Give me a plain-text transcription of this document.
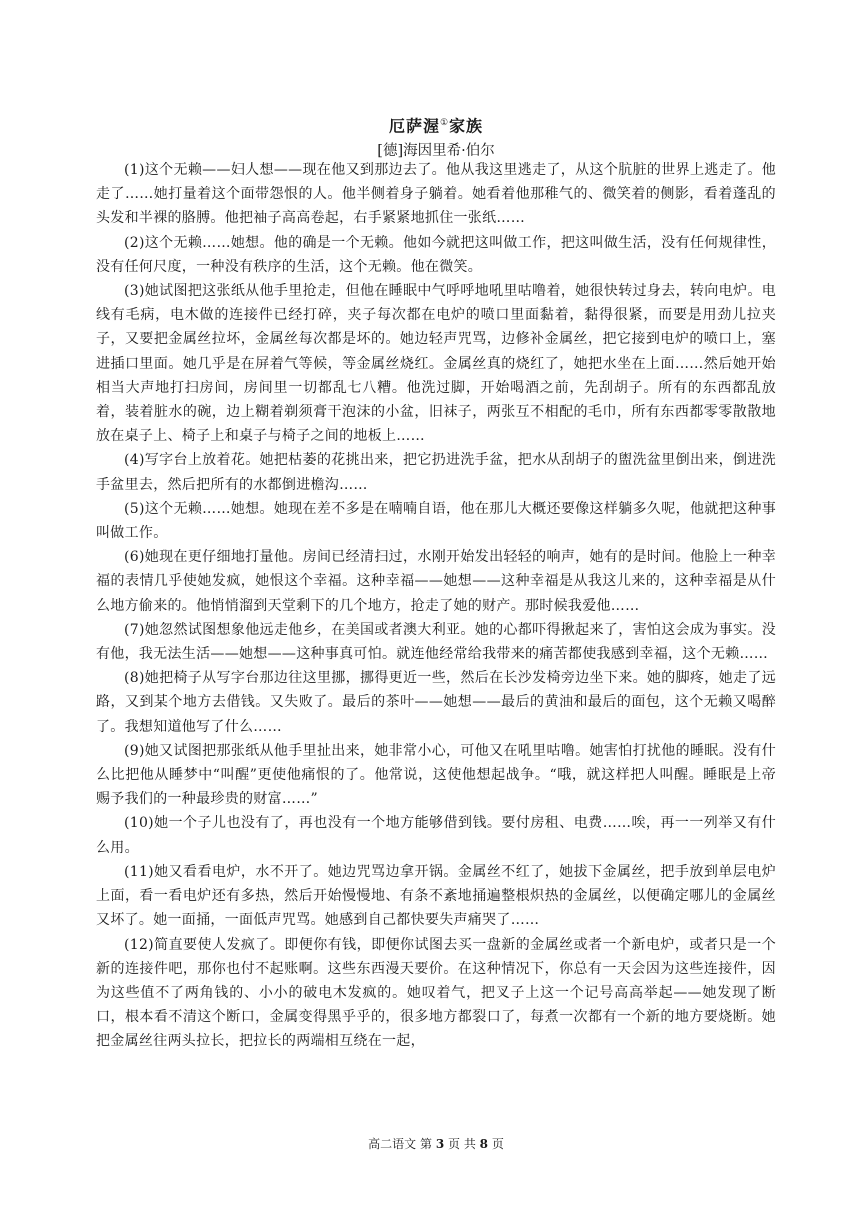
厄萨渥①家族

[德]海因里希·伯尔

(1)这个无赖——妇人想——现在他又到那边去了。他从我这里逃走了，从这个肮脏的世界上逃走了。他走了……她打量着这个面带怨恨的人。他半侧着身子躺着。她看着他那稚气的、微笑着的侧影，看着蓬乱的头发和半裸的胳膊。他把袖子高高卷起，右手紧紧地抓住一张纸……

(2)这个无赖……她想。他的确是一个无赖。他如今就把这叫做工作，把这叫做生活，没有任何规律性，没有任何尺度，一种没有秩序的生活，这个无赖。他在微笑。

(3)她试图把这张纸从他手里抢走，但他在睡眠中气呼呼地吼里咕噜着，她很快转过身去，转向电炉。电线有毛病，电木做的连接件已经打碎，夹子每次都在电炉的喷口里面黏着，黏得很紧，而要是用劲儿拉夹子，又要把金属丝拉坏，金属丝每次都是坏的。她边轻声咒骂，边修补金属丝，把它接到电炉的喷口上，塞进插口里面。她几乎是在屏着气等候，等金属丝烧红。金属丝真的烧红了，她把水坐在上面……然后她开始相当大声地打扫房间，房间里一切都乱七八糟。他洗过脚，开始喝酒之前，先刮胡子。所有的东西都乱放着，装着脏水的碗，边上糊着剃须膏干泡沫的小盆，旧袜子，两张互不相配的毛巾，所有东西都零零散散地放在桌子上、椅子上和桌子与椅子之间的地板上……

(4)写字台上放着花。她把枯萎的花挑出来，把它扔进洗手盆，把水从刮胡子的盥洗盆里倒出来，倒进洗手盆里去，然后把所有的水都倒进檐沟……

(5)这个无赖……她想。她现在差不多是在喃喃自语，他在那儿大概还要像这样躺多久呢，他就把这种事叫做工作。

(6)她现在更仔细地打量他。房间已经清扫过，水刚开始发出轻轻的响声，她有的是时间。他脸上一种幸福的表情几乎使她发疯，她恨这个幸福。这种幸福——她想——这种幸福是从我这儿来的，这种幸福是从什么地方偷来的。他悄悄溜到天堂剩下的几个地方，抢走了她的财产。那时候我爱他……

(7)她忽然试图想象他远走他乡，在美国或者澳大利亚。她的心都吓得揪起来了，害怕这会成为事实。没有他，我无法生活——她想——这种事真可怕。就连他经常给我带来的痛苦都使我感到幸福，这个无赖……

(8)她把椅子从写字台那边往这里挪，挪得更近一些，然后在长沙发椅旁边坐下来。她的脚疼，她走了远路，又到某个地方去借钱。又失败了。最后的茶叶——她想——最后的黄油和最后的面包，这个无赖又喝醉了。我想知道他写了什么……

(9)她又试图把那张纸从他手里扯出来，她非常小心，可他又在吼里咕噜。她害怕打扰他的睡眠。没有什么比把他从睡梦中“叫醒”更使他痛恨的了。他常说，这使他想起战争。“哦，就这样把人叫醒。睡眠是上帝赐予我们的一种最珍贵的财富……”

(10)她一个子儿也没有了，再也没有一个地方能够借到钱。要付房租、电费……唉，再一一列举又有什么用。

(11)她又看看电炉，水不开了。她边咒骂边拿开锅。金属丝不红了，她拔下金属丝，把手放到单层电炉上面，看一看电炉还有多热，然后开始慢慢地、有条不紊地捅遍整根炽热的金属丝，以便确定哪儿的金属丝又坏了。她一面捅，一面低声咒骂。她感到自己都快要失声痛哭了……

(12)简直要使人发疯了。即便你有钱，即便你试图去买一盘新的金属丝或者一个新电炉，或者只是一个新的连接件吧，那你也付不起账啊。这些东西漫天要价。在这种情况下，你总有一天会因为这些连接件，因为这些值不了两角钱的、小小的破电木发疯的。她叹着气，把叉子上这一个记号高高举起——她发现了断口，根本看不清这个断口，金属变得黑乎乎的，很多地方都裂口了，每煮一次都有一个新的地方要烧断。她把金属丝往两头拉长，把拉长的两端相互绕在一起，

高二语文 第 3 页 共 8 页
